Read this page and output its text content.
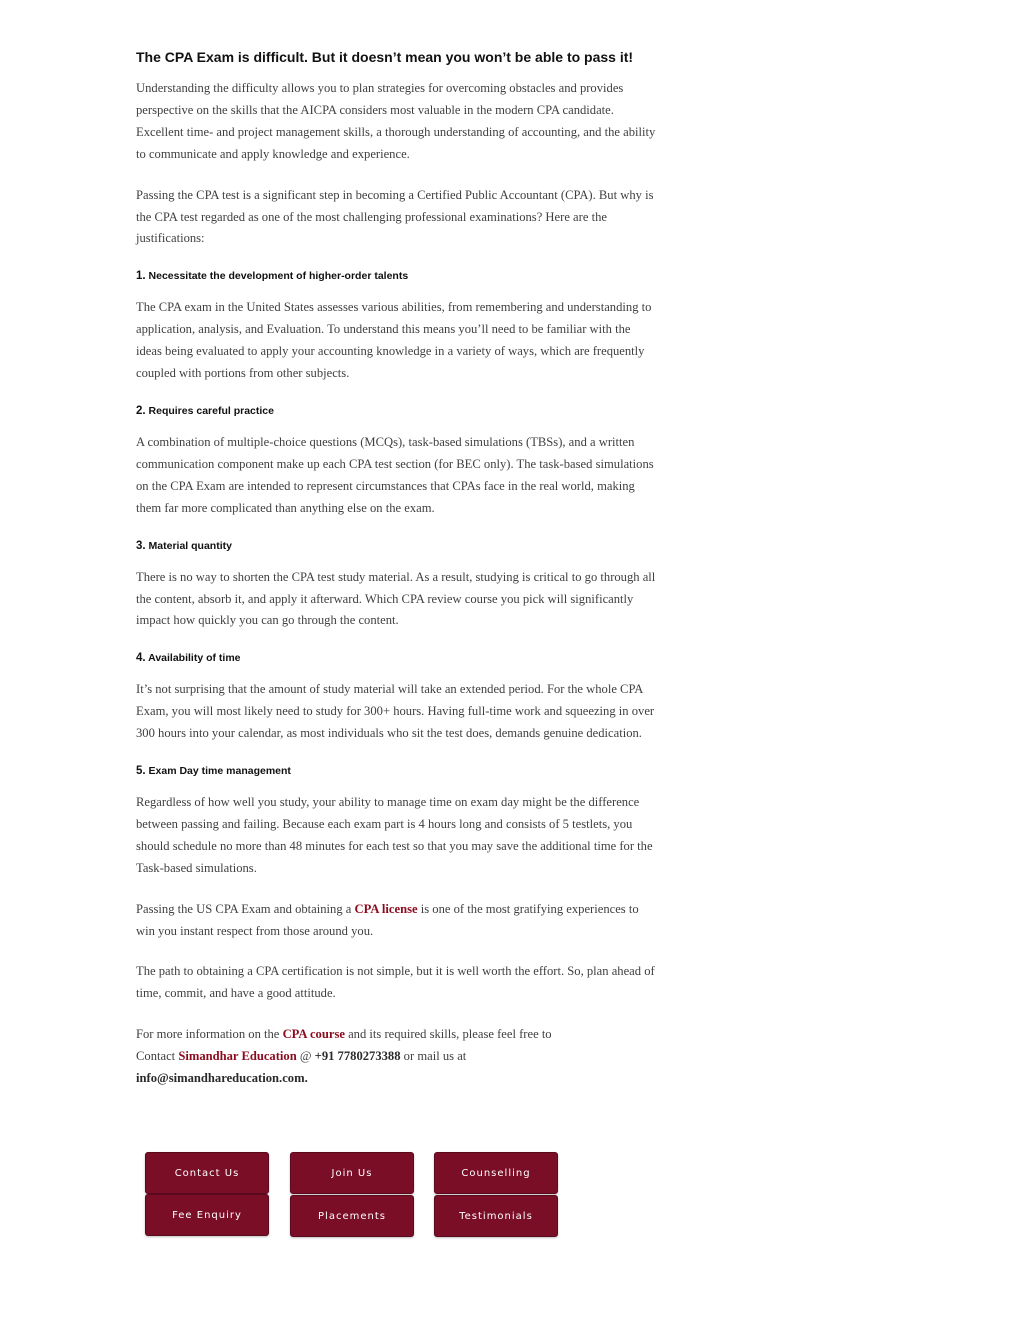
The CPA Exam is difficult. But it doesn’t mean you won’t be able to pass it!

Understanding the difficulty allows you to plan strategies for overcoming obstacles and provides perspective on the skills that the AICPA considers most valuable in the modern CPA candidate. Excellent time- and project management skills, a thorough understanding of accounting, and the ability to communicate and apply knowledge and experience.

Passing the CPA test is a significant step in becoming a Certified Public Accountant (CPA). But why is the CPA test regarded as one of the most challenging professional examinations? Here are the justifications:

1. Necessitate the development of higher-order talents

The CPA exam in the United States assesses various abilities, from remembering and understanding to application, analysis, and Evaluation. To understand this means you’ll need to be familiar with the ideas being evaluated to apply your accounting knowledge in a variety of ways, which are frequently coupled with portions from other subjects.

2. Requires careful practice

A combination of multiple-choice questions (MCQs), task-based simulations (TBSs), and a written communication component make up each CPA test section (for BEC only). The task-based simulations on the CPA Exam are intended to represent circumstances that CPAs face in the real world, making them far more complicated than anything else on the exam.

3. Material quantity

There is no way to shorten the CPA test study material. As a result, studying is critical to go through all the content, absorb it, and apply it afterward. Which CPA review course you pick will significantly impact how quickly you can go through the content.

4. Availability of time

It’s not surprising that the amount of study material will take an extended period. For the whole CPA Exam, you will most likely need to study for 300+ hours. Having full-time work and squeezing in over 300 hours into your calendar, as most individuals who sit the test does, demands genuine dedication.

5. Exam Day time management

Regardless of how well you study, your ability to manage time on exam day might be the difference between passing and failing. Because each exam part is 4 hours long and consists of 5 testlets, you should schedule no more than 48 minutes for each test so that you may save the additional time for the Task-based simulations.

Passing the US CPA Exam and obtaining a CPA license is one of the most gratifying experiences to win you instant respect from those around you.

The path to obtaining a CPA certification is not simple, but it is well worth the effort. So, plan ahead of time, commit, and have a good attitude.

For more information on the CPA course and its required skills, please feel free to Contact Simandhar Education @ +91 7780273388 or mail us at info@simandhareducation.com.

Contact Us	Join Us	Counselling
Fee Enquiry	Placements	Testimonials
